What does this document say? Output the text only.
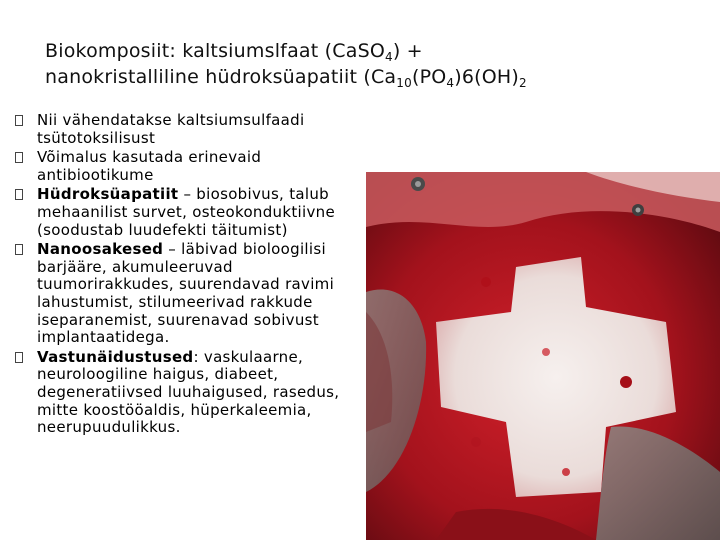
Biokomposiit: kaltsiumslfaat (CaSO$_4$) +
nanokristalliline hüdroksüapatiit ($Ca_{10}(PO_4)6(OH)_2$
Nii vähendatakse kaltsiumsulfaadi tsütotoksilisust
Võimalus kasutada erinevaid antibiootikume
Hüdroksüapatiit – biosobivus, talub mehaanilist survet, osteokonduktiivne (soodustab luudefekti täitumist)
Nanoosakesed – läbivad bioloogilisi barjääre, akumuleeruvad tuumorirakkudes, suurendavad ravimi lahustumist, stilumeerivad rakkude iseparanemist, suurenavad sobivust implantaatidega.
Vastunäidustused: vaskulaarne, neuroloogiline haigus, diabeet, degeneratiivsed luuhaigused, rasedus, mitte koostööaldis, hüperkaleemia, neerupuudulikkus.
